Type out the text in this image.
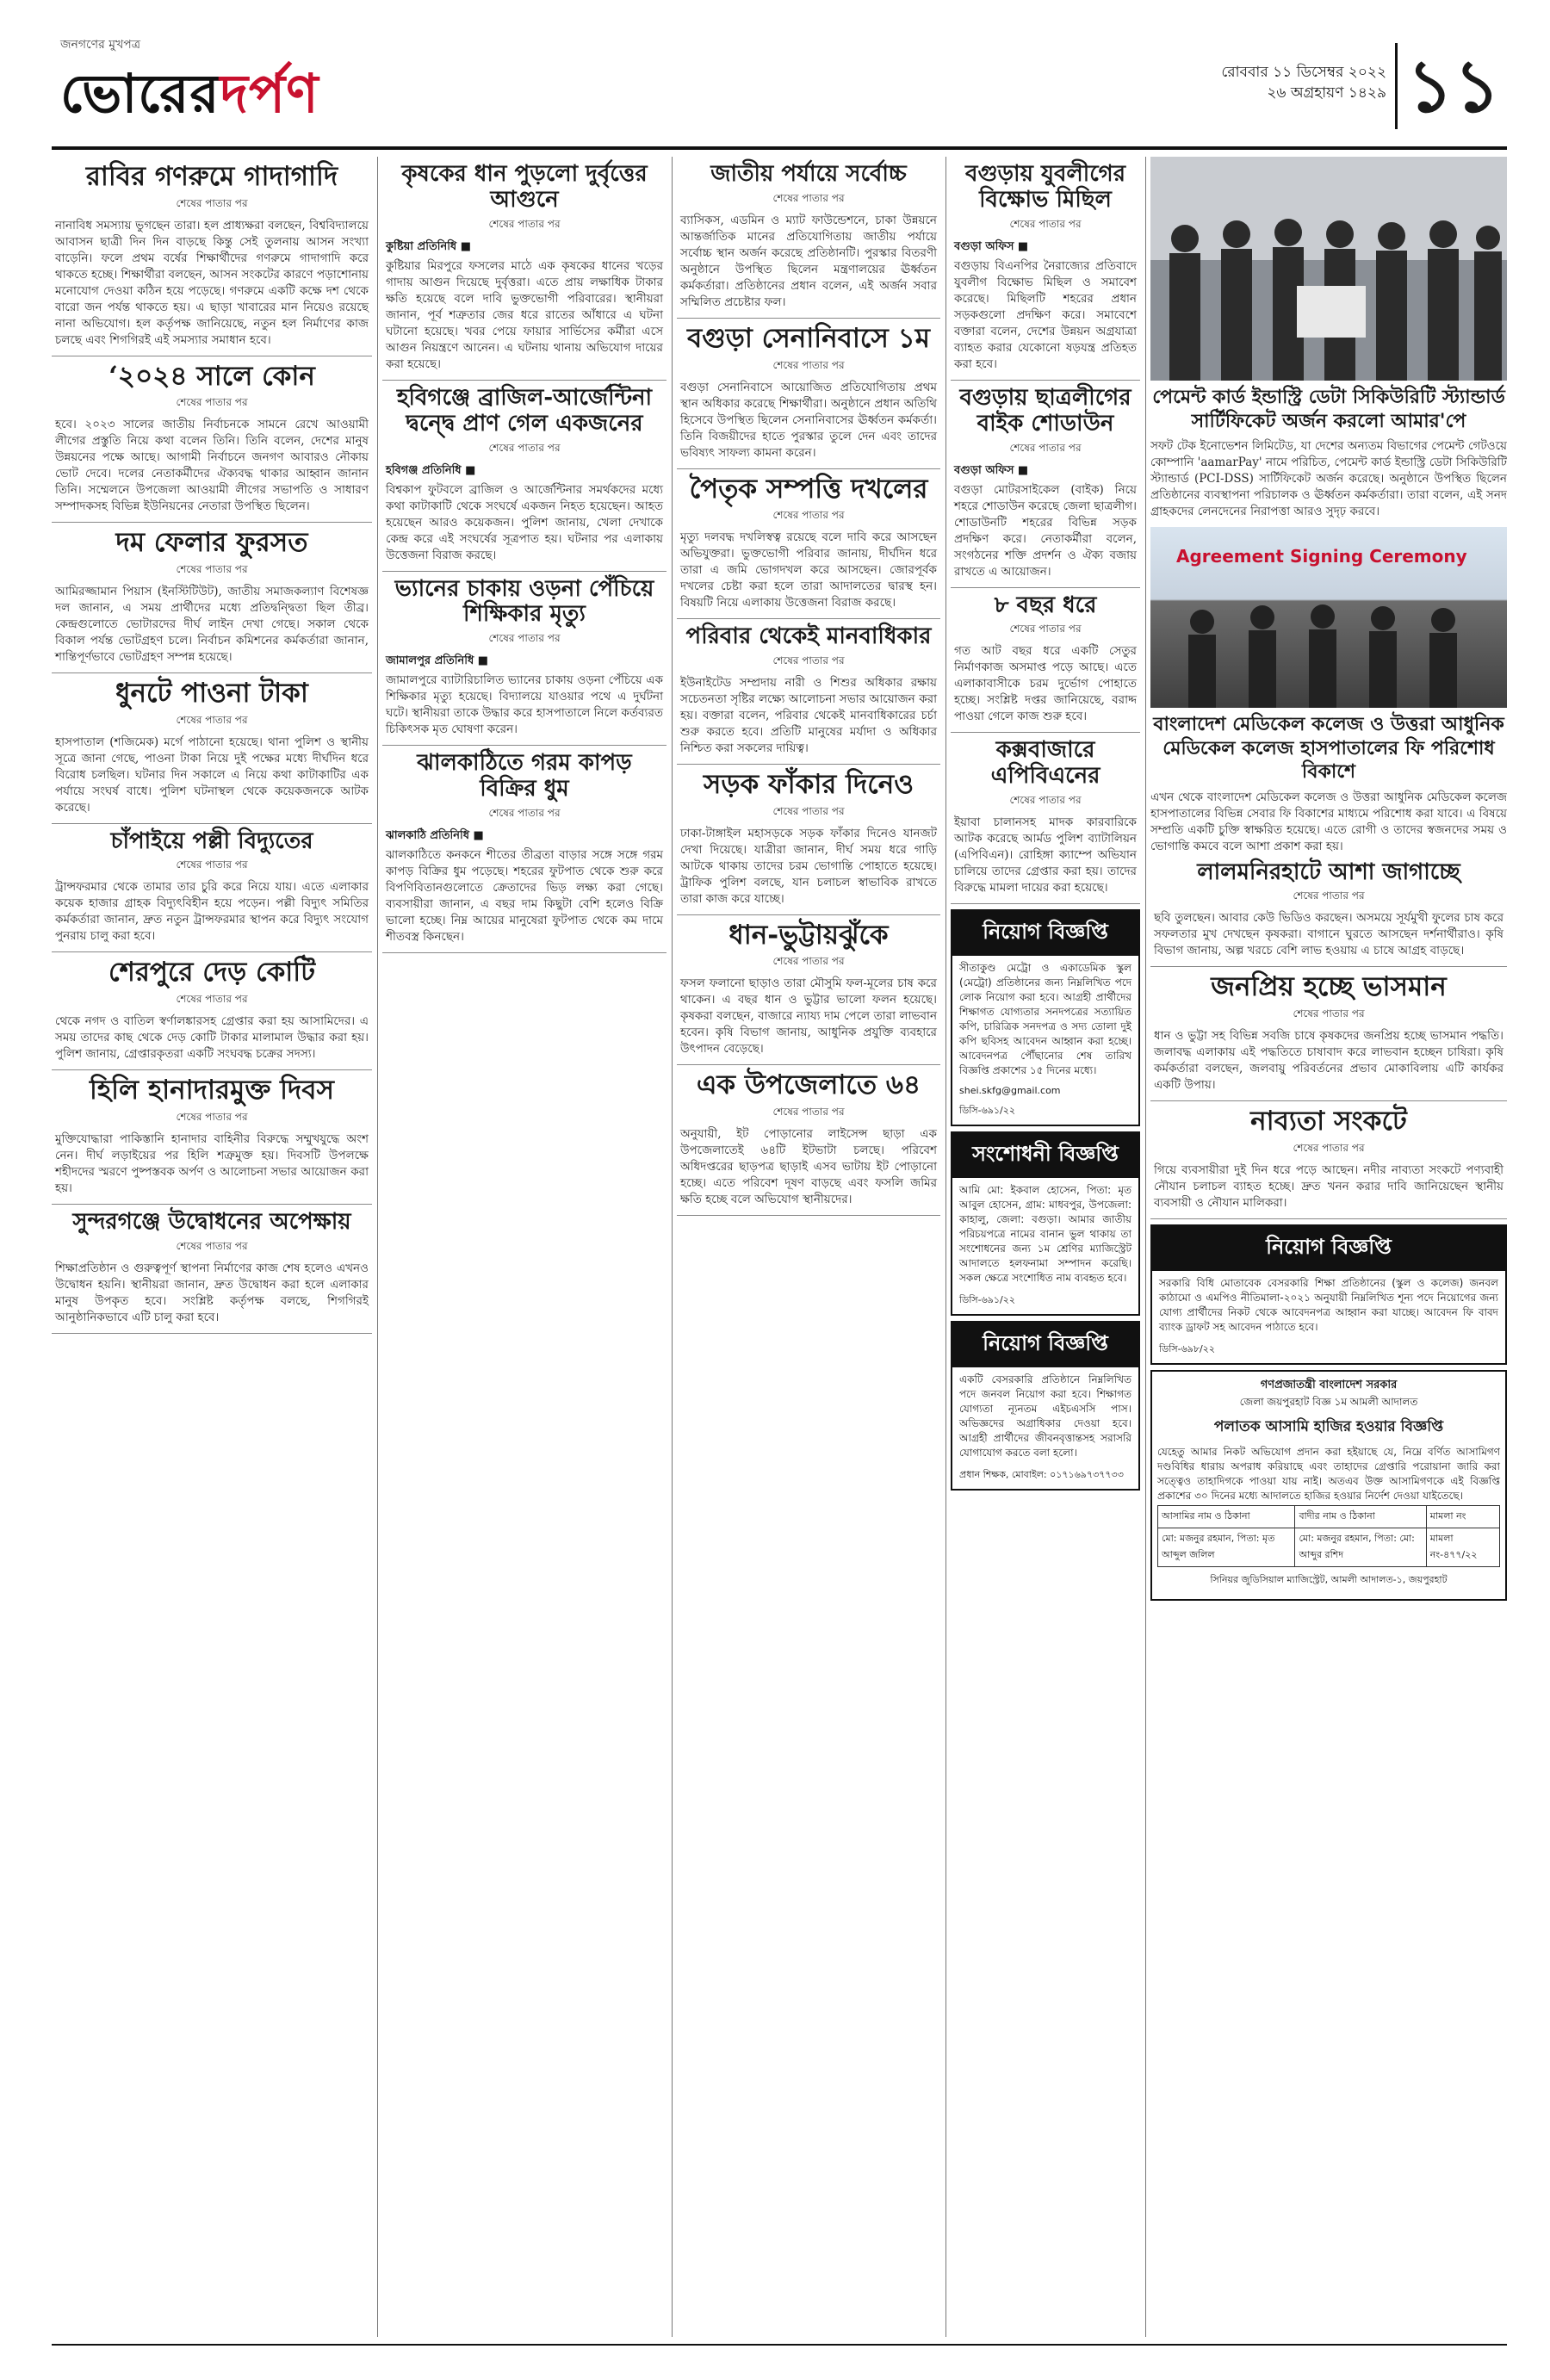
জনগণের মুখপত্র
ভোরেরদর্পণ	রোববার ১১ ডিসেম্বর ২০২২
২৬ অগ্রহায়ণ ১৪২৯ ১১
রাবির গণরুমে গাদাগাদি
শেষের পাতার পর
নানাবিধ সমস্যায় ভুগছেন তারা। হল প্রাধ্যক্ষরা বলছেন, বিশ্ববিদ্যালয়ে আবাসন ছাত্রী দিন দিন বাড়ছে কিন্তু সেই তুলনায় আসন সংখ্যা বাড়েনি। ফলে প্রথম বর্ষের শিক্ষার্থীদের গণরুমে গাদাগাদি করে থাকতে হচ্ছে। শিক্ষার্থীরা বলছেন, আসন সংকটের কারণে পড়াশোনায় মনোযোগ দেওয়া কঠিন হয়ে পড়েছে। গণরুমে একটি কক্ষে দশ থেকে বারো জন পর্যন্ত থাকতে হয়। এ ছাড়া খাবারের মান নিয়েও রয়েছে নানা অভিযোগ। হল কর্তৃপক্ষ জানিয়েছে, নতুন হল নির্মাণের কাজ চলছে এবং শিগগিরই এই সমস্যার সমাধান হবে।
‘২০২৪ সালে কোন
শেষের পাতার পর
হবে। ২০২৩ সালের জাতীয় নির্বাচনকে সামনে রেখে আওয়ামী লীগের প্রস্তুতি নিয়ে কথা বলেন তিনি। তিনি বলেন, দেশের মানুষ উন্নয়নের পক্ষে আছে। আগামী নির্বাচনে জনগণ আবারও নৌকায় ভোট দেবে। দলের নেতাকর্মীদের ঐক্যবদ্ধ থাকার আহ্বান জানান তিনি। সম্মেলনে উপজেলা আওয়ামী লীগের সভাপতি ও সাধারণ সম্পাদকসহ বিভিন্ন ইউনিয়নের নেতারা উপস্থিত ছিলেন।
দম ফেলার ফুরসত
শেষের পাতার পর
আমিরজ্জামান পিয়াস (ইনস্টিটিউট), জাতীয় সমাজকল্যাণ বিশেষজ্ঞ দল জানান, এ সময় প্রার্থীদের মধ্যে প্রতিদ্বন্দ্বিতা ছিল তীব্র। কেন্দ্রগুলোতে ভোটারদের দীর্ঘ লাইন দেখা গেছে। সকাল থেকে বিকাল পর্যন্ত ভোটগ্রহণ চলে। নির্বাচন কমিশনের কর্মকর্তারা জানান, শান্তিপূর্ণভাবে ভোটগ্রহণ সম্পন্ন হয়েছে।
ধুনটে পাওনা টাকা
শেষের পাতার পর
হাসপাতাল (শজিমেক) মর্গে পাঠানো হয়েছে। থানা পুলিশ ও স্থানীয় সূত্রে জানা গেছে, পাওনা টাকা নিয়ে দুই পক্ষের মধ্যে দীর্ঘদিন ধরে বিরোধ চলছিল। ঘটনার দিন সকালে এ নিয়ে কথা কাটাকাটির এক পর্যায়ে সংঘর্ষ বাধে। পুলিশ ঘটনাস্থল থেকে কয়েকজনকে আটক করেছে।
চাঁপাইয়ে পল্লী বিদ্যুতের
শেষের পাতার পর
ট্রান্সফরমার থেকে তামার তার চুরি করে নিয়ে যায়। এতে এলাকার কয়েক হাজার গ্রাহক বিদ্যুৎবিহীন হয়ে পড়েন। পল্লী বিদ্যুৎ সমিতির কর্মকর্তারা জানান, দ্রুত নতুন ট্রান্সফরমার স্থাপন করে বিদ্যুৎ সংযোগ পুনরায় চালু করা হবে।
শেরপুরে দেড় কোটি
শেষের পাতার পর
থেকে নগদ ও বাতিল স্বর্ণালঙ্কারসহ গ্রেপ্তার করা হয় আসামিদের। এ সময় তাদের কাছ থেকে দেড় কোটি টাকার মালামাল উদ্ধার করা হয়। পুলিশ জানায়, গ্রেপ্তারকৃতরা একটি সংঘবদ্ধ চক্রের সদস্য।
হিলি হানাদারমুক্ত দিবস
শেষের পাতার পর
মুক্তিযোদ্ধারা পাকিস্তানি হানাদার বাহিনীর বিরুদ্ধে সম্মুখযুদ্ধে অংশ নেন। দীর্ঘ লড়াইয়ের পর হিলি শত্রুমুক্ত হয়। দিবসটি উপলক্ষে শহীদদের স্মরণে পুষ্পস্তবক অর্পণ ও আলোচনা সভার আয়োজন করা হয়।
সুন্দরগঞ্জে উদ্বোধনের অপেক্ষায়
শেষের পাতার পর
শিক্ষাপ্রতিষ্ঠান ও গুরুত্বপূর্ণ স্থাপনা নির্মাণের কাজ শেষ হলেও এখনও উদ্বোধন হয়নি। স্থানীয়রা জানান, দ্রুত উদ্বোধন করা হলে এলাকার মানুষ উপকৃত হবে। সংশ্লিষ্ট কর্তৃপক্ষ বলছে, শিগগিরই আনুষ্ঠানিকভাবে এটি চালু করা হবে।
কৃষকের ধান পুড়লো দুর্বৃত্তের আগুনে
শেষের পাতার পর
কুষ্টিয়া প্রতিনিধি ■
কুষ্টিয়ার মিরপুরে ফসলের মাঠে এক কৃষকের ধানের খড়ের গাদায় আগুন দিয়েছে দুর্বৃত্তরা। এতে প্রায় লক্ষাধিক টাকার ক্ষতি হয়েছে বলে দাবি ভুক্তভোগী পরিবারের। স্থানীয়রা জানান, পূর্ব শত্রুতার জের ধরে রাতের আঁধারে এ ঘটনা ঘটানো হয়েছে। খবর পেয়ে ফায়ার সার্ভিসের কর্মীরা এসে আগুন নিয়ন্ত্রণে আনেন। এ ঘটনায় থানায় অভিযোগ দায়ের করা হয়েছে।
হবিগঞ্জে ব্রাজিল-আর্জেন্টিনা দ্বন্দ্বে প্রাণ গেল একজনের
শেষের পাতার পর
হবিগঞ্জ প্রতিনিধি ■
বিশ্বকাপ ফুটবলে ব্রাজিল ও আর্জেন্টিনার সমর্থকদের মধ্যে কথা কাটাকাটি থেকে সংঘর্ষে একজন নিহত হয়েছেন। আহত হয়েছেন আরও কয়েকজন। পুলিশ জানায়, খেলা দেখাকে কেন্দ্র করে এই সংঘর্ষের সূত্রপাত হয়। ঘটনার পর এলাকায় উত্তেজনা বিরাজ করছে।
ভ্যানের চাকায় ওড়না পেঁচিয়ে শিক্ষিকার মৃত্যু
শেষের পাতার পর
জামালপুর প্রতিনিধি ■
জামালপুরে ব্যাটারিচালিত ভ্যানের চাকায় ওড়না পেঁচিয়ে এক শিক্ষিকার মৃত্যু হয়েছে। বিদ্যালয়ে যাওয়ার পথে এ দুর্ঘটনা ঘটে। স্থানীয়রা তাকে উদ্ধার করে হাসপাতালে নিলে কর্তব্যরত চিকিৎসক মৃত ঘোষণা করেন।
ঝালকাঠিতে গরম কাপড় বিক্রির ধুম
শেষের পাতার পর
ঝালকাঠি প্রতিনিধি ■
ঝালকাঠিতে কনকনে শীতের তীব্রতা বাড়ার সঙ্গে সঙ্গে গরম কাপড় বিক্রির ধুম পড়েছে। শহরের ফুটপাত থেকে শুরু করে বিপণিবিতানগুলোতে ক্রেতাদের ভিড় লক্ষ্য করা গেছে। ব্যবসায়ীরা জানান, এ বছর দাম কিছুটা বেশি হলেও বিক্রি ভালো হচ্ছে। নিম্ন আয়ের মানুষেরা ফুটপাত থেকে কম দামে শীতবস্ত্র কিনছেন।
জাতীয় পর্যায়ে সর্বোচ্চ
শেষের পাতার পর
ব্যাসিকস, এডমিন ও ম্যাট ফাউন্ডেশনে, চাকা উন্নয়নে আন্তর্জাতিক মানের প্রতিযোগিতায় জাতীয় পর্যায়ে সর্বোচ্চ স্থান অর্জন করেছে প্রতিষ্ঠানটি। পুরস্কার বিতরণী অনুষ্ঠানে উপস্থিত ছিলেন মন্ত্রণালয়ের ঊর্ধ্বতন কর্মকর্তারা। প্রতিষ্ঠানের প্রধান বলেন, এই অর্জন সবার সম্মিলিত প্রচেষ্টার ফল।
বগুড়া সেনানিবাসে ১ম
শেষের পাতার পর
বগুড়া সেনানিবাসে আয়োজিত প্রতিযোগিতায় প্রথম স্থান অধিকার করেছে শিক্ষার্থীরা। অনুষ্ঠানে প্রধান অতিথি হিসেবে উপস্থিত ছিলেন সেনানিবাসের ঊর্ধ্বতন কর্মকর্তা। তিনি বিজয়ীদের হাতে পুরস্কার তুলে দেন এবং তাদের ভবিষ্যৎ সাফল্য কামনা করেন।
পৈতৃক সম্পত্তি দখলের
শেষের পাতার পর
মৃত্যু দলবদ্ধ দখলিস্বত্ব রয়েছে বলে দাবি করে আসছেন অভিযুক্তরা। ভুক্তভোগী পরিবার জানায়, দীর্ঘদিন ধরে তারা এ জমি ভোগদখল করে আসছেন। জোরপূর্বক দখলের চেষ্টা করা হলে তারা আদালতের দ্বারস্থ হন। বিষয়টি নিয়ে এলাকায় উত্তেজনা বিরাজ করছে।
পরিবার থেকেই মানবাধিকার
শেষের পাতার পর
ইউনাইটেড সম্প্রদায় নারী ও শিশুর অধিকার রক্ষায় সচেতনতা সৃষ্টির লক্ষ্যে আলোচনা সভার আয়োজন করা হয়। বক্তারা বলেন, পরিবার থেকেই মানবাধিকারের চর্চা শুরু করতে হবে। প্রতিটি মানুষের মর্যাদা ও অধিকার নিশ্চিত করা সকলের দায়িত্ব।
সড়ক ফাঁকার দিনেও
শেষের পাতার পর
ঢাকা-টাঙ্গাইল মহাসড়কে সড়ক ফাঁকার দিনেও যানজট দেখা দিয়েছে। যাত্রীরা জানান, দীর্ঘ সময় ধরে গাড়ি আটকে থাকায় তাদের চরম ভোগান্তি পোহাতে হয়েছে। ট্রাফিক পুলিশ বলছে, যান চলাচল স্বাভাবিক রাখতে তারা কাজ করে যাচ্ছে।
ধান-ভুট্টায়ঝুঁকে
শেষের পাতার পর
ফসল ফলানো ছাড়াও তারা মৌসুমি ফল-মূলের চাষ করে থাকেন। এ বছর ধান ও ভুট্টার ভালো ফলন হয়েছে। কৃষকরা বলছেন, বাজারে ন্যায্য দাম পেলে তারা লাভবান হবেন। কৃষি বিভাগ জানায়, আধুনিক প্রযুক্তি ব্যবহারে উৎপাদন বেড়েছে।
এক উপজেলাতে ৬৪
শেষের পাতার পর
অনুযায়ী, ইট পোড়ানোর লাইসেন্স ছাড়া এক উপজেলাতেই ৬৪টি ইটভাটা চলছে। পরিবেশ অধিদপ্তরের ছাড়পত্র ছাড়াই এসব ভাটায় ইট পোড়ানো হচ্ছে। এতে পরিবেশ দূষণ বাড়ছে এবং ফসলি জমির ক্ষতি হচ্ছে বলে অভিযোগ স্থানীয়দের।
বগুড়ায় যুবলীগের বিক্ষোভ মিছিল
শেষের পাতার পর
বগুড়া অফিস ■
বগুড়ায় বিএনপির নৈরাজ্যের প্রতিবাদে যুবলীগ বিক্ষোভ মিছিল ও সমাবেশ করেছে। মিছিলটি শহরের প্রধান সড়কগুলো প্রদক্ষিণ করে। সমাবেশে বক্তারা বলেন, দেশের উন্নয়ন অগ্রযাত্রা ব্যাহত করার যেকোনো ষড়যন্ত্র প্রতিহত করা হবে।
বগুড়ায় ছাত্রলীগের বাইক শোডাউন
শেষের পাতার পর
বগুড়া অফিস ■
বগুড়া মোটরসাইকেল (বাইক) নিয়ে শহরে শোডাউন করেছে জেলা ছাত্রলীগ। শোডাউনটি শহরের বিভিন্ন সড়ক প্রদক্ষিণ করে। নেতাকর্মীরা বলেন, সংগঠনের শক্তি প্রদর্শন ও ঐক্য বজায় রাখতে এ আয়োজন।
৮ বছর ধরে
শেষের পাতার পর
গত আট বছর ধরে একটি সেতুর নির্মাণকাজ অসমাপ্ত পড়ে আছে। এতে এলাকাবাসীকে চরম দুর্ভোগ পোহাতে হচ্ছে। সংশ্লিষ্ট দপ্তর জানিয়েছে, বরাদ্দ পাওয়া গেলে কাজ শুরু হবে।
কক্সবাজারে এপিবিএনের
শেষের পাতার পর
ইয়াবা চালানসহ মাদক কারবারিকে আটক করেছে আর্মড পুলিশ ব্যাটালিয়ন (এপিবিএন)। রোহিঙ্গা ক্যাম্পে অভিযান চালিয়ে তাদের গ্রেপ্তার করা হয়। তাদের বিরুদ্ধে মামলা দায়ের করা হয়েছে।
নিয়োগ বিজ্ঞপ্তি
সীতাকুণ্ড মেট্রো ও একাডেমিক স্কুল (মেট্রো) প্রতিষ্ঠানের জন্য নিম্নলিখিত পদে লোক নিয়োগ করা হবে। আগ্রহী প্রার্থীদের শিক্ষাগত যোগ্যতার সনদপত্রের সত্যায়িত কপি, চারিত্রিক সনদপত্র ও সদ্য তোলা দুই কপি ছবিসহ আবেদন আহ্বান করা হচ্ছে। আবেদনপত্র পৌঁছানোর শেষ তারিখ বিজ্ঞপ্তি প্রকাশের ১৫ দিনের মধ্যে।
shei.skfg@gmail.com
ডিসি-৬৯১/২২
সংশোধনী বিজ্ঞপ্তি
আমি মো: ইকবাল হোসেন, পিতা: মৃত আবুল হোসেন, গ্রাম: মাধবপুর, উপজেলা: কাহালু, জেলা: বগুড়া। আমার জাতীয় পরিচয়পত্রে নামের বানান ভুল থাকায় তা সংশোধনের জন্য ১ম শ্রেণির ম্যাজিস্ট্রেট আদালতে হলফনামা সম্পাদন করেছি। সকল ক্ষেত্রে সংশোধিত নাম ব্যবহৃত হবে।
ডিসি-৬৯১/২২
নিয়োগ বিজ্ঞপ্তি
একটি বেসরকারি প্রতিষ্ঠানে নিম্নলিখিত পদে জনবল নিয়োগ করা হবে। শিক্ষাগত যোগ্যতা ন্যূনতম এইচএসসি পাস। অভিজ্ঞদের অগ্রাধিকার দেওয়া হবে। আগ্রহী প্রার্থীদের জীবনবৃত্তান্তসহ সরাসরি যোগাযোগ করতে বলা হলো।
প্রধান শিক্ষক, মোবাইল: ০১৭১৬৯৭৩৭৭৩৩
পেমেন্ট কার্ড ইন্ডাস্ট্রি ডেটা সিকিউরিটি স্ট্যান্ডার্ড সার্টিফিকেট অর্জন করলো আমার'পে
সফট টেক ইনোভেশন লিমিটেড, যা দেশের অন্যতম বিভাগের পেমেন্ট গেটওয়ে কোম্পানি 'aamarPay' নামে পরিচিত, পেমেন্ট কার্ড ইন্ডাস্ট্রি ডেটা সিকিউরিটি স্ট্যান্ডার্ড (PCI-DSS) সার্টিফিকেট অর্জন করেছে। অনুষ্ঠানে উপস্থিত ছিলেন প্রতিষ্ঠানের ব্যবস্থাপনা পরিচালক ও ঊর্ধ্বতন কর্মকর্তারা। তারা বলেন, এই সনদ গ্রাহকদের লেনদেনের নিরাপত্তা আরও সুদৃঢ় করবে।
Agreement Signing Ceremony
বাংলাদেশ মেডিকেল কলেজ ও উত্তরা আধুনিক মেডিকেল কলেজ হাসপাতালের ফি পরিশোধ বিকাশে
এখন থেকে বাংলাদেশ মেডিকেল কলেজ ও উত্তরা আধুনিক মেডিকেল কলেজ হাসপাতালের বিভিন্ন সেবার ফি বিকাশের মাধ্যমে পরিশোধ করা যাবে। এ বিষয়ে সম্প্রতি একটি চুক্তি স্বাক্ষরিত হয়েছে। এতে রোগী ও তাদের স্বজনদের সময় ও ভোগান্তি কমবে বলে আশা প্রকাশ করা হয়।
লালমনিরহাটে আশা জাগাচ্ছে
শেষের পাতার পর
ছবি তুলছেন। আবার কেউ ভিডিও করছেন। অসময়ে সূর্যমুখী ফুলের চাষ করে সফলতার মুখ দেখছেন কৃষকরা। বাগানে ঘুরতে আসছেন দর্শনার্থীরাও। কৃষি বিভাগ জানায়, অল্প খরচে বেশি লাভ হওয়ায় এ চাষে আগ্রহ বাড়ছে।
জনপ্রিয় হচ্ছে ভাসমান
শেষের পাতার পর
ধান ও ভুট্টা সহ বিভিন্ন সবজি চাষে কৃষকদের জনপ্রিয় হচ্ছে ভাসমান পদ্ধতি। জলাবদ্ধ এলাকায় এই পদ্ধতিতে চাষাবাদ করে লাভবান হচ্ছেন চাষিরা। কৃষি কর্মকর্তারা বলছেন, জলবায়ু পরিবর্তনের প্রভাব মোকাবিলায় এটি কার্যকর একটি উপায়।
নাব্যতা সংকটে
শেষের পাতার পর
গিয়ে ব্যবসায়ীরা দুই দিন ধরে পড়ে আছেন। নদীর নাব্যতা সংকটে পণ্যবাহী নৌযান চলাচল ব্যাহত হচ্ছে। দ্রুত খনন করার দাবি জানিয়েছেন স্থানীয় ব্যবসায়ী ও নৌযান মালিকরা।
নিয়োগ বিজ্ঞপ্তি
সরকারি বিধি মোতাবেক বেসরকারি শিক্ষা প্রতিষ্ঠানের (স্কুল ও কলেজ) জনবল কাঠামো ও এমপিও নীতিমালা-২০২১ অনুযায়ী নিম্নলিখিত শূন্য পদে নিয়োগের জন্য যোগ্য প্রার্থীদের নিকট থেকে আবেদনপত্র আহ্বান করা যাচ্ছে। আবেদন ফি বাবদ ব্যাংক ড্রাফট সহ আবেদন পাঠাতে হবে।
ডিসি-৬৯৮/২২
গণপ্রজাতন্ত্রী বাংলাদেশ সরকার
জেলা জয়পুরহাট বিজ্ঞ ১ম আমলী আদালত
পলাতক আসামি হাজির হওয়ার বিজ্ঞপ্তি
যেহেতু আমার নিকট অভিযোগ প্রদান করা হইয়াছে যে, নিম্নে বর্ণিত আসামিগণ দণ্ডবিধির ধারায় অপরাধ করিয়াছে এবং তাহাদের গ্রেপ্তারি পরোয়ানা জারি করা সত্ত্বেও তাহাদিগকে পাওয়া যায় নাই। অতএব উক্ত আসামিগণকে এই বিজ্ঞপ্তি প্রকাশের ৩০ দিনের মধ্যে আদালতে হাজির হওয়ার নির্দেশ দেওয়া যাইতেছে।
আসামির নাম ও ঠিকানা	বাদীর নাম ও ঠিকানা	মামলা নং
মো: মজনুর রহমান, পিতা: মৃত আব্দুল জলিল	মো: মজনুর রহমান, পিতা: মো: আব্দুর রশিদ	মামলা নং-৪৭৭/২২
সিনিয়র জুডিসিয়াল ম্যাজিস্ট্রেট, আমলী আদালত-১, জয়পুরহাট
